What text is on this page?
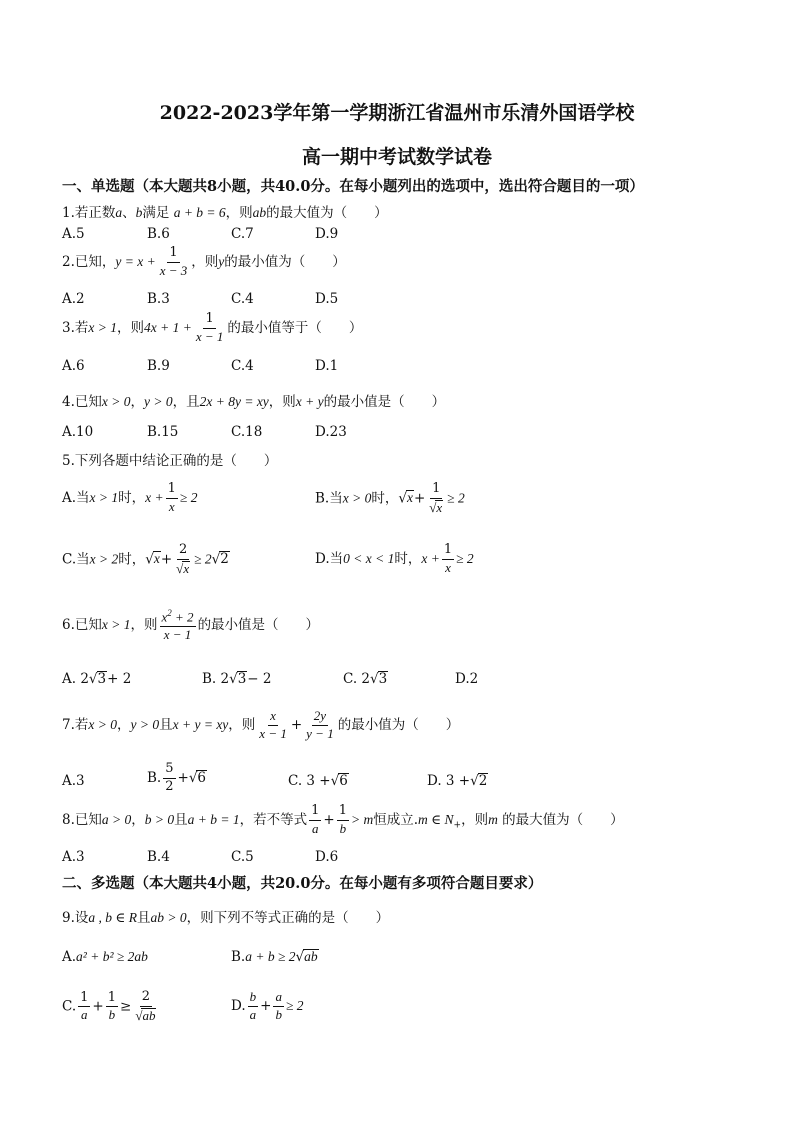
2022-2023学年第一学期浙江省温州市乐清外国语学校
高一期中考试数学试卷
一、单选题（本大题共8小题，共40.0分。在每小题列出的选项中，选出符合题目的一项）
1.若正数a、b满足 a + b = 6，则ab的最大值为（　　）
A.5	B.6	C.7	D.9
2.已知，$y = x + \frac{1}{x - 3}$ ，则y的最小值为（　　）
A.2	B.3	C.4	D.5
3.若x > 1，则$4x + 1 + \frac{1}{x - 1}$ 的最小值等于（　　）
A.6	B.9	C.4	D.1
4.已知x > 0，y > 0，且2x + 8y = xy，则x + y的最小值是（　　）
A.10	B.15	C.18	D.23
5.下列各题中结论正确的是（　　）
A.当x > 1时，$x + \frac{1}{x} \ge 2$	B.当x > 0时，$√x+ \frac{1}{√x} \ge 2$
C.当x > 2时，$√x+ \frac{2}{√x} \ge 2√2$	D.当0 < x < 1时，$x + \frac{1}{x} \ge 2$
6.已知x > 1，则 $\frac{x^2 + 2}{x - 1}$ 的最小值是（　　）
A. 2√3+ 2	B. 2√3− 2	C. 2√3	D.2
7.若x > 0，y > 0且x + y = xy，则 $\frac{x}{x - 1} + \frac{2y}{y - 1}$ 的最小值为（　　）
A.3	B. $\frac{5}{2} +√6$	C. 3 +√6	D. 3 +√2
8.已知a > 0，b > 0且a + b = 1，若不等式 $\frac{1}{a} + \frac{1}{b} > m$恒成立.m ∈ $N_+$，则m 的最大值为（　　）
A.3	B.4	C.5	D.6
二、多选题（本大题共4小题，共20.0分。在每小题有多项符合题目要求）
9.设a , b ∈ R且ab > 0，则下列不等式正确的是（　　）
A.a² + b² ≥ 2ab	B.a + b ≥ 2√ab
C. $\frac{1}{a} + \frac{1}{b} \ge \frac{2}{√ab}$	D. $\frac{b}{a} + \frac{a}{b} \ge 2$
